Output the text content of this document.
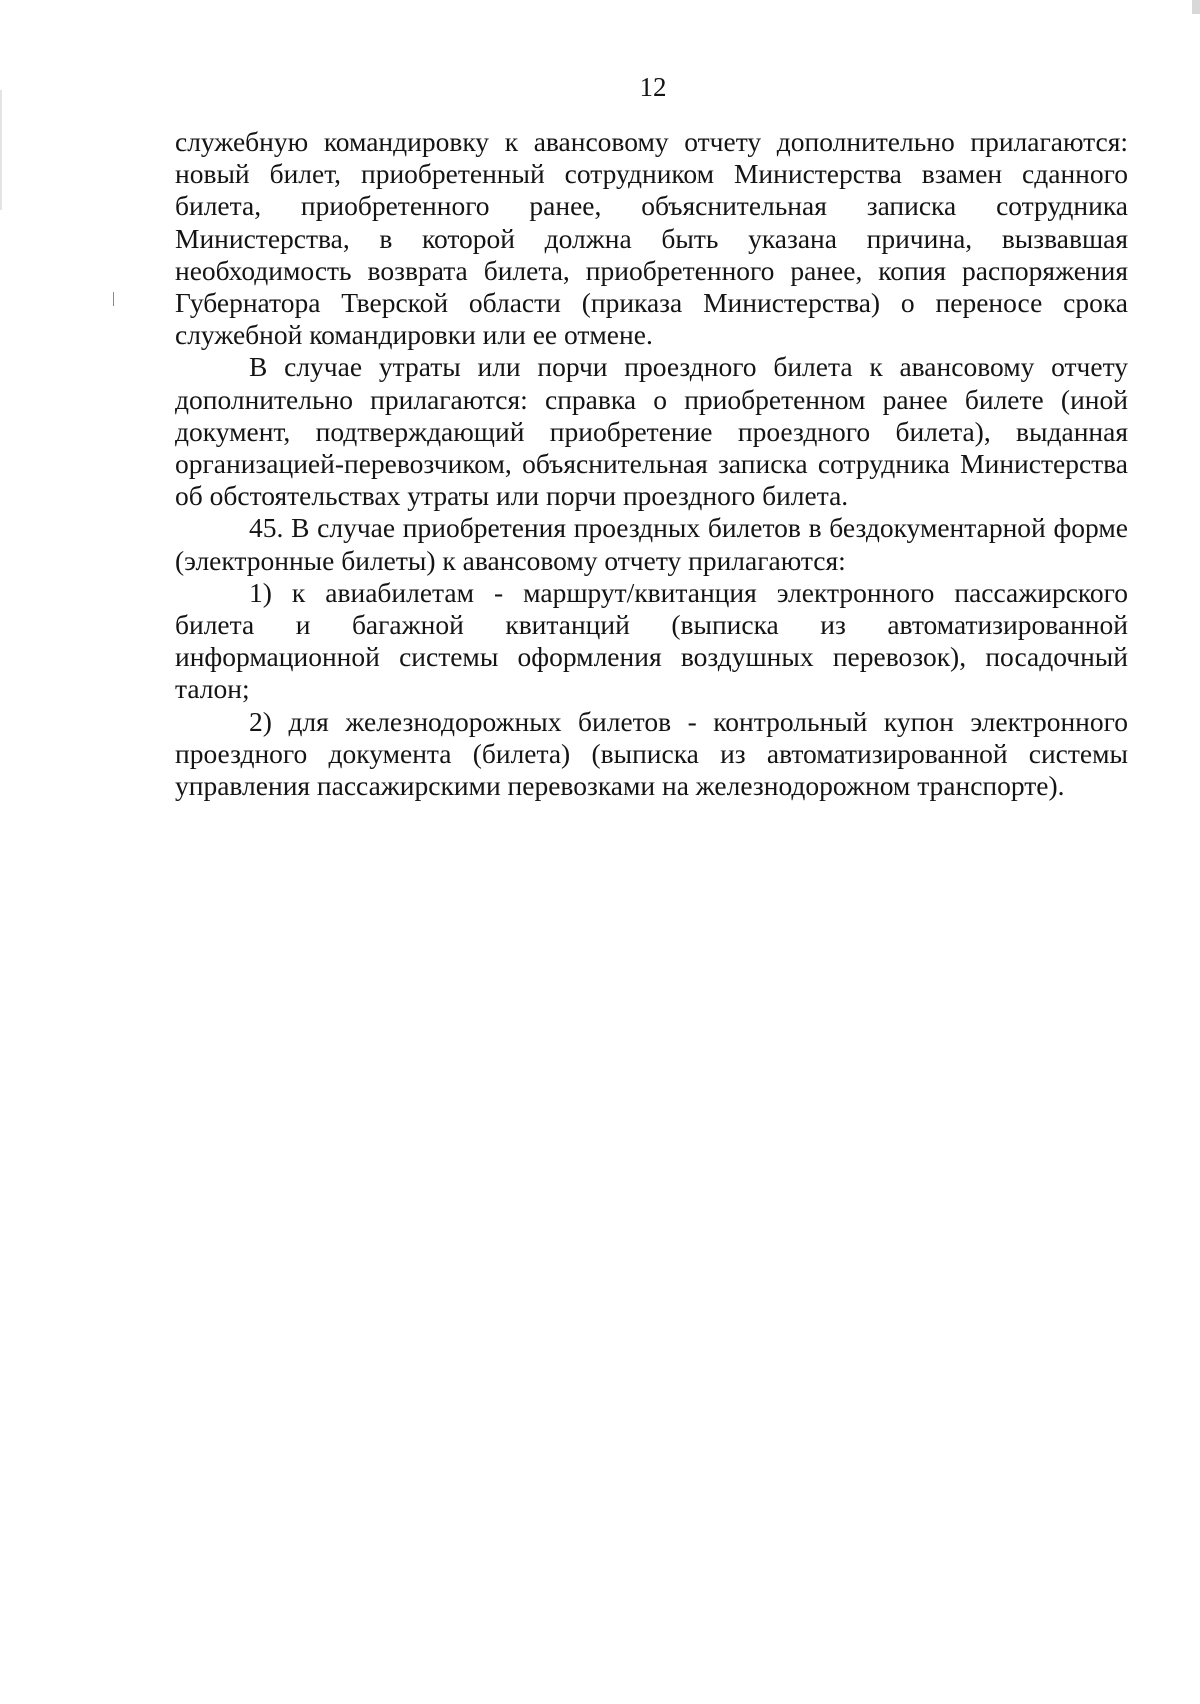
12

служебную командировку к авансовому отчету дополнительно прилагаются: новый билет, приобретенный сотрудником Министерства взамен сданного билета, приобретенного ранее, объяснительная записка сотрудника Министерства, в которой должна быть указана причина, вызвавшая необходимость возврата билета, приобретенного ранее, копия распоряжения Губернатора Тверской области (приказа Министерства) о переносе срока служебной командировки или ее отмене.

В случае утраты или порчи проездного билета к авансовому отчету дополнительно прилагаются: справка о приобретенном ранее билете (иной документ, подтверждающий приобретение проездного билета), выданная организацией-перевозчиком, объяснительная записка сотрудника Министерства об обстоятельствах утраты или порчи проездного билета.

45. В случае приобретения проездных билетов в бездокументарной форме (электронные билеты) к авансовому отчету прилагаются:

1) к авиабилетам - маршрут/квитанция электронного пассажирского билета и багажной квитанций (выписка из автоматизированной информационной системы оформления воздушных перевозок), посадочный талон;

2) для железнодорожных билетов - контрольный купон электронного проездного документа (билета) (выписка из автоматизированной системы управления пассажирскими перевозками на железнодорожном транспорте).
